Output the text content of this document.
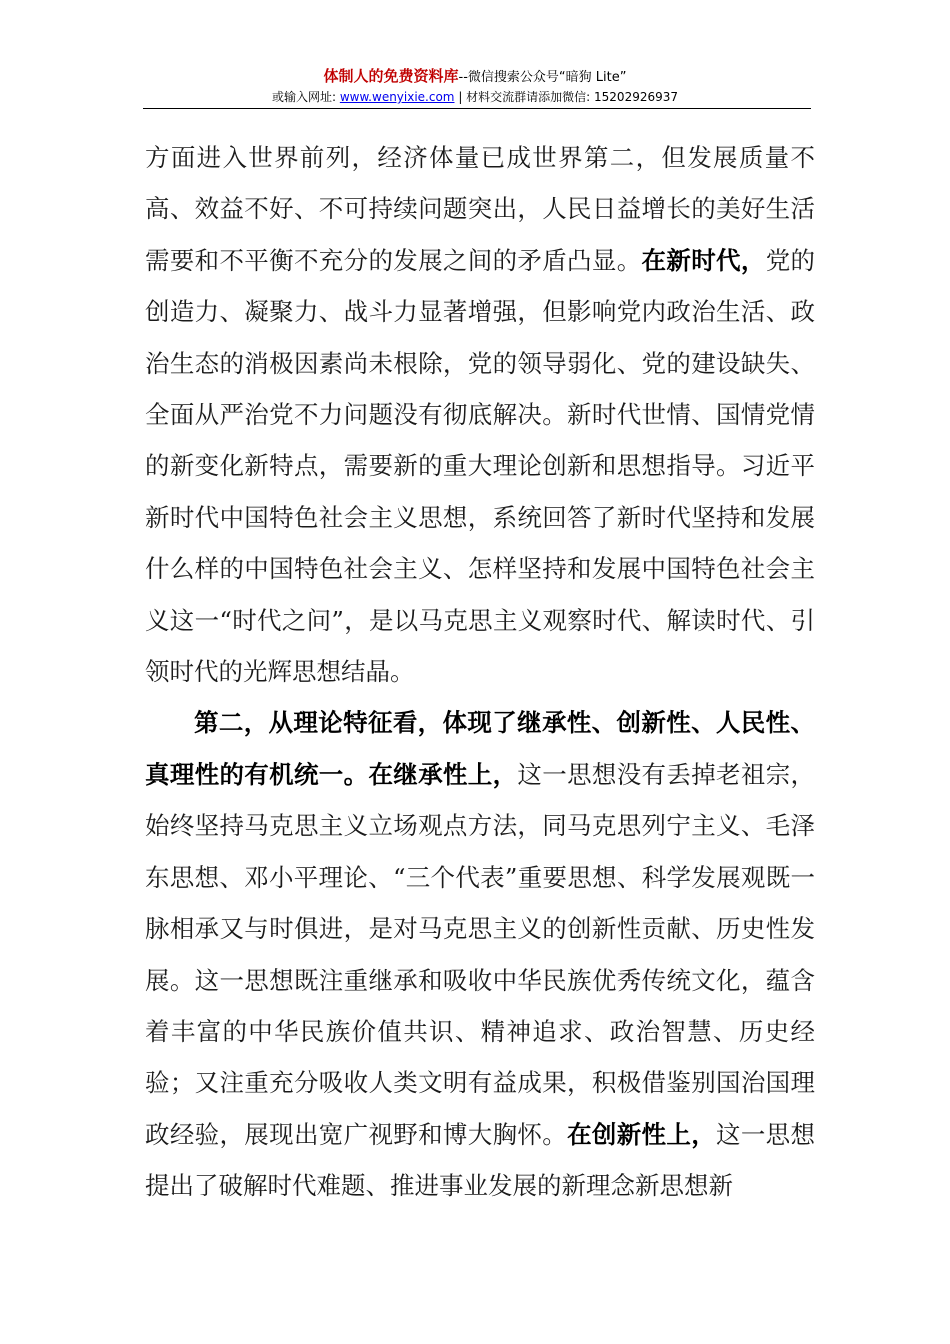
体制人的免费资料库--微信搜索公众号“暗狗 Lite”
或输入网址: www.wenyixie.com | 材料交流群请添加微信: 15202926937

方面进入世界前列，经济体量已成世界第二，但发展质量不高、效益不好、不可持续问题突出，人民日益增长的美好生活需要和不平衡不充分的发展之间的矛盾凸显。在新时代，党的创造力、凝聚力、战斗力显著增强，但影响党内政治生活、政治生态的消极因素尚未根除，党的领导弱化、党的建设缺失、全面从严治党不力问题没有彻底解决。新时代世情、国情党情的新变化新特点，需要新的重大理论创新和思想指导。习近平新时代中国特色社会主义思想，系统回答了新时代坚持和发展什么样的中国特色社会主义、怎样坚持和发展中国特色社会主义这一“时代之问”，是以马克思主义观察时代、解读时代、引领时代的光辉思想结晶。

第二，从理论特征看，体现了继承性、创新性、人民性、真理性的有机统一。在继承性上，这一思想没有丢掉老祖宗，始终坚持马克思主义立场观点方法，同马克思列宁主义、毛泽东思想、邓小平理论、“三个代表”重要思想、科学发展观既一脉相承又与时俱进，是对马克思主义的创新性贡献、历史性发展。这一思想既注重继承和吸收中华民族优秀传统文化，蕴含着丰富的中华民族价值共识、精神追求、政治智慧、历史经验；又注重充分吸收人类文明有益成果，积极借鉴别国治国理政经验，展现出宽广视野和博大胸怀。在创新性上，这一思想提出了破解时代难题、推进事业发展的新理念新思想新
